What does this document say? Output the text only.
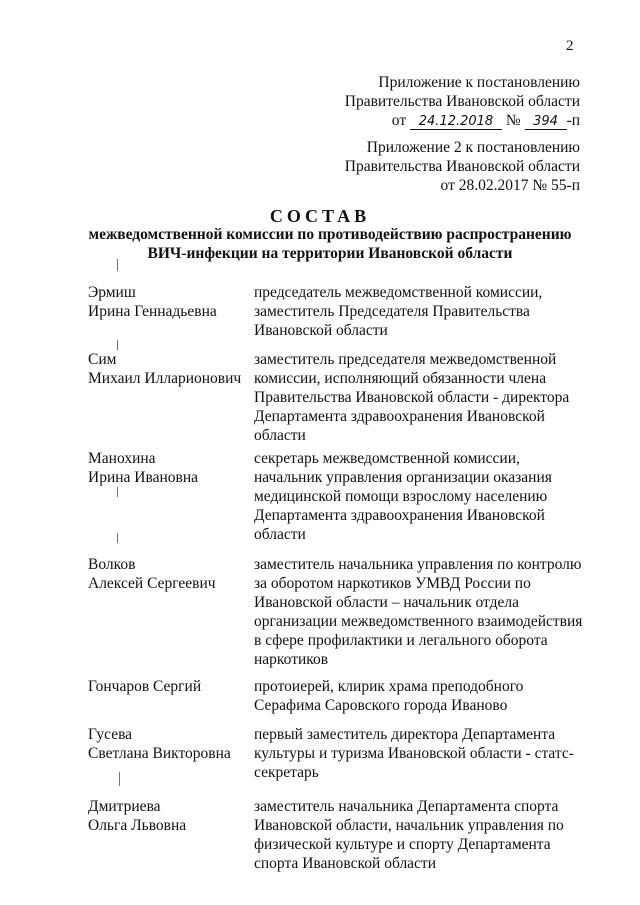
2
Приложение к постановлению
Правительства Ивановской области
от 24.12.2018 № 394 -п
Приложение 2 к постановлению
Правительства Ивановской области
от 28.02.2017 № 55-п
СОСТАВ
межведомственной комиссии по противодействию распространению
ВИЧ-инфекции на территории Ивановской области
Эрмиш
Ирина Геннадьевна
председатель межведомственной комиссии,
заместитель Председателя Правительства
Ивановской области
Сим
Михаил Илларионович
заместитель председателя межведомственной
комиссии, исполняющий обязанности члена
Правительства Ивановской области - директора
Департамента здравоохранения Ивановской
области
Манохина
Ирина Ивановна
секретарь межведомственной комиссии,
начальник управления организации оказания
медицинской помощи взрослому населению
Департамента здравоохранения Ивановской
области
Волков
Алексей Сергеевич
заместитель начальника управления по контролю
за оборотом наркотиков УМВД России по
Ивановской области – начальник отдела
организации межведомственного взаимодействия
в сфере профилактики и легального оборота
наркотиков
Гончаров Сергий	протоиерей, клирик храма преподобного
Серафима Саровского города Иваново
Гусева
Светлана Викторовна
первый заместитель директора Департамента
культуры и туризма Ивановской области - статс-
секретарь
Дмитриева
Ольга Львовна
заместитель начальника Департамента спорта
Ивановской области, начальник управления по
физической культуре и спорту Департамента
спорта Ивановской области
